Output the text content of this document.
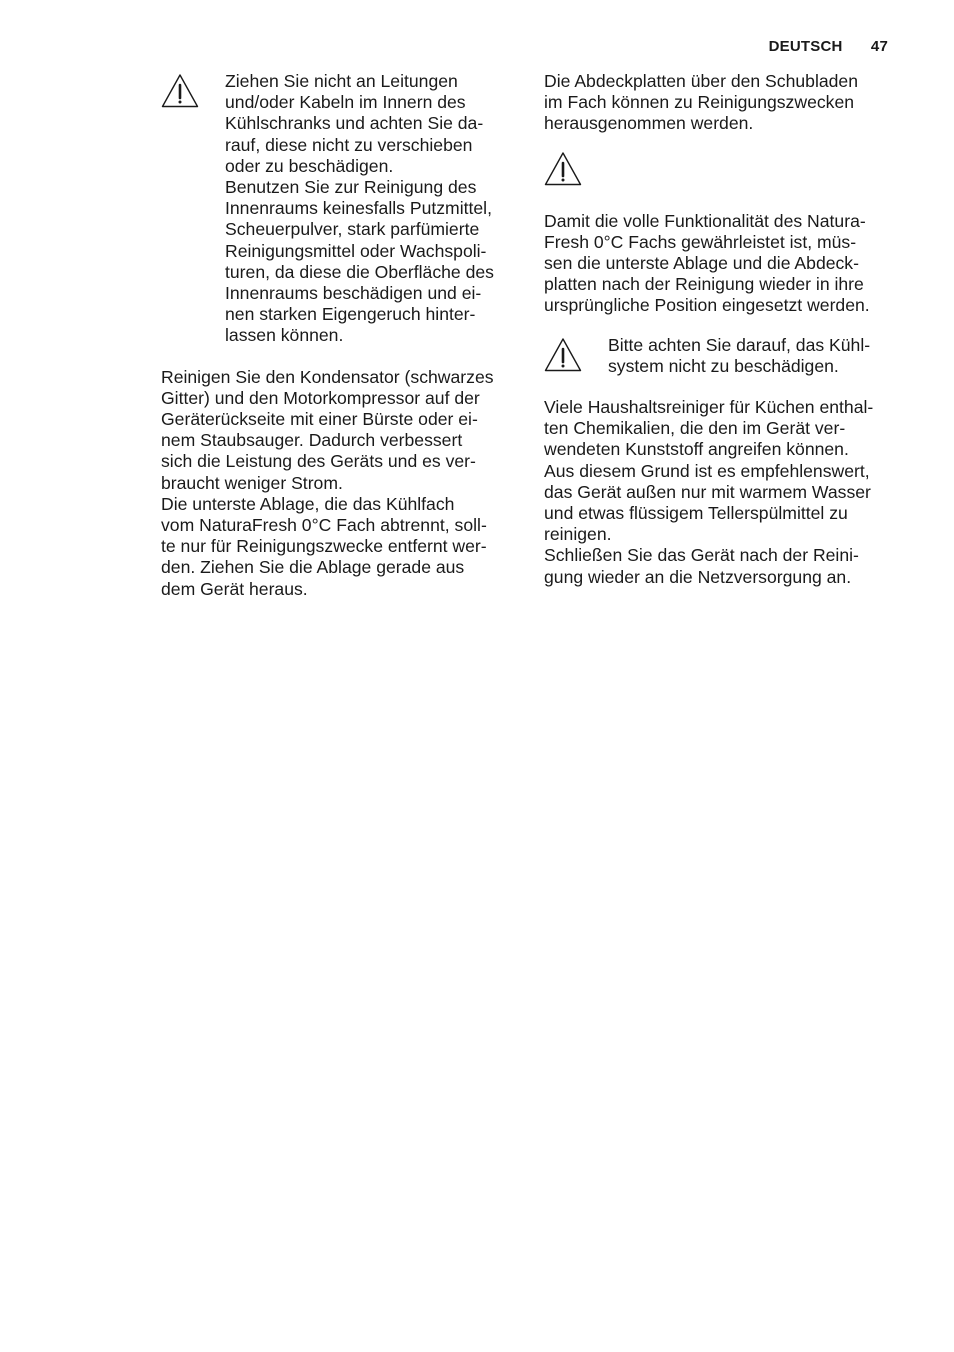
DEUTSCH 47
Ziehen Sie nicht an Leitungen
und/oder Kabeln im Innern des
Kühlschranks und achten Sie da-
rauf, diese nicht zu verschieben
oder zu beschädigen.
Benutzen Sie zur Reinigung des
Innenraums keinesfalls Putzmittel,
Scheuerpulver, stark parfümierte
Reinigungsmittel oder Wachspoli-
turen, da diese die Oberfläche des
Innenraums beschädigen und ei-
nen starken Eigengeruch hinter-
lassen können.
Reinigen Sie den Kondensator (schwarzes
Gitter) und den Motorkompressor auf der
Geräterückseite mit einer Bürste oder ei-
nem Staubsauger. Dadurch verbessert
sich die Leistung des Geräts und es ver-
braucht weniger Strom.
Die unterste Ablage, die das Kühlfach
vom NaturaFresh 0°C Fach abtrennt, soll-
te nur für Reinigungszwecke entfernt wer-
den. Ziehen Sie die Ablage gerade aus
dem Gerät heraus.
Die Abdeckplatten über den Schubladen
im Fach können zu Reinigungszwecken
herausgenommen werden.
Damit die volle Funktionalität des Natura-
Fresh 0°C Fachs gewährleistet ist, müs-
sen die unterste Ablage und die Abdeck-
platten nach der Reinigung wieder in ihre
ursprüngliche Position eingesetzt werden.
Bitte achten Sie darauf, das Kühl-
system nicht zu beschädigen.
Viele Haushaltsreiniger für Küchen enthal-
ten Chemikalien, die den im Gerät ver-
wendeten Kunststoff angreifen können.
Aus diesem Grund ist es empfehlenswert,
das Gerät außen nur mit warmem Wasser
und etwas flüssigem Tellerspülmittel zu
reinigen.
Schließen Sie das Gerät nach der Reini-
gung wieder an die Netzversorgung an.
